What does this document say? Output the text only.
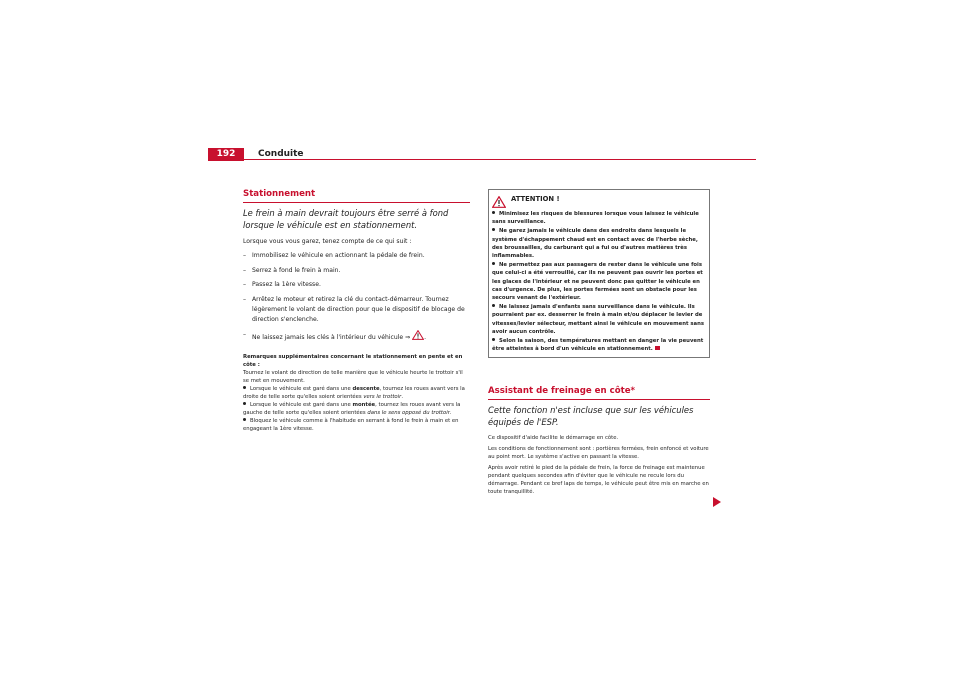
192	Conduite
Stationnement

Le frein à main devrait toujours être serré à fond lorsque le véhicule est en stationnement.

Lorsque vous vous garez, tenez compte de ce qui suit :

– Immobilisez le véhicule en actionnant la pédale de frein.
– Serrez à fond le frein à main.
– Passez la 1ère vitesse.
– Arrêtez le moteur et retirez la clé du contact-démarreur. Tournez légèrement le volant de direction pour que le dispositif de blocage de direction s'enclenche.
– Ne laissez jamais les clés à l'intérieur du véhicule ⇒ .

Remarques supplémentaires concernant le stationnement en pente et en côte :

Tournez le volant de direction de telle manière que le véhicule heurte le trottoir s'il se met en mouvement.

Lorsque le véhicule est garé dans une descente, tournez les roues avant vers la droite de telle sorte qu'elles soient orientées vers le trottoir.

Lorsque le véhicule est garé dans une montée, tournez les roues avant vers la gauche de telle sorte qu'elles soient orientées dans le sens opposé du trottoir.

Bloquez le véhicule comme à l'habitude en serrant à fond le frein à main et en engageant la 1ère vitesse.

ATTENTION !

Minimisez les risques de blessures lorsque vous laissez le véhicule sans surveillance.

Ne garez jamais le véhicule dans des endroits dans lesquels le système d'échappement chaud est en contact avec de l'herbe sèche, des broussailles, du carburant qui a fui ou d'autres matières très inflammables.

Ne permettez pas aux passagers de rester dans le véhicule une fois que celui-ci a été verrouillé, car ils ne peuvent pas ouvrir les portes et les glaces de l'intérieur et ne peuvent donc pas quitter le véhicule en cas d'urgence. De plus, les portes fermées sont un obstacle pour les secours venant de l'extérieur.

Ne laissez jamais d'enfants sans surveillance dans le véhicule. Ils pourraient par ex. desserrer le frein à main et/ou déplacer le levier de vitesses/levier sélecteur, mettant ainsi le véhicule en mouvement sans avoir aucun contrôle.

Selon la saison, des températures mettant en danger la vie peuvent être atteintes à bord d'un véhicule en stationnement.

Assistant de freinage en côte*

Cette fonction n'est incluse que sur les véhicules équipés de l'ESP.

Ce dispositif d'aide facilite le démarrage en côte.

Les conditions de fonctionnement sont : portières fermées, frein enfoncé et voiture au point mort. Le système s'active en passant la vitesse.

Après avoir retiré le pied de la pédale de frein, la force de freinage est maintenue pendant quelques secondes afin d'éviter que le véhicule ne recule lors du démarrage. Pendant ce bref laps de temps, le véhicule peut être mis en marche en toute tranquillité.
